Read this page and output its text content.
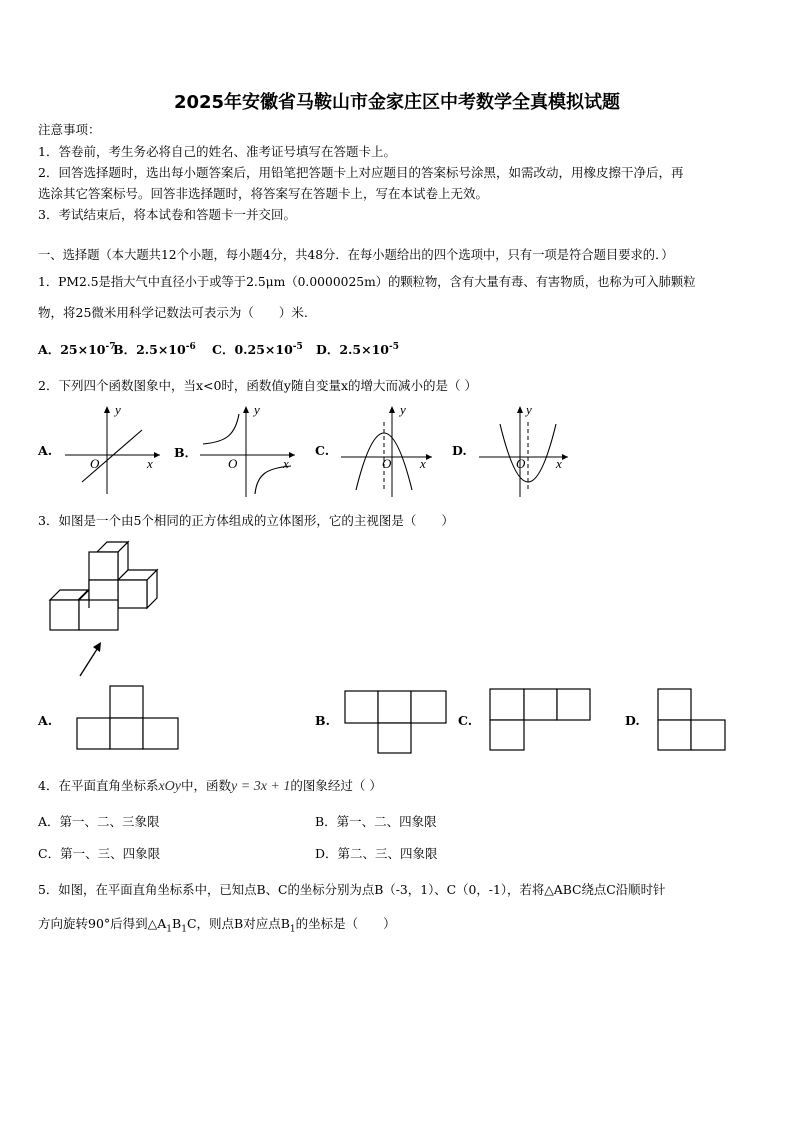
2025年安徽省马鞍山市金家庄区中考数学全真模拟试题
注意事项：
1．答卷前，考生务必将自己的姓名、准考证号填写在答题卡上。
2．回答选择题时，选出每小题答案后，用铅笔把答题卡上对应题目的答案标号涂黑，如需改动，用橡皮擦干净后，再
选涂其它答案标号。回答非选择题时，将答案写在答题卡上，写在本试卷上无效。
3．考试结束后，将本试卷和答题卡一并交回。
一、选择题（本大题共12个小题，每小题4分，共48分．在每小题给出的四个选项中，只有一项是符合题目要求的．）
1．PM2.5是指大气中直径小于或等于2.5μm（0.0000025m）的颗粒物，含有大量有毒、有害物质，也称为可入肺颗粒
物，将25微米用科学记数法可表示为（　　）米.
A．$25\times 10^{-7}$
B．$2.5\times 10^{-6}$ C．$0.25\times 10^{-5}$ D．$2.5\times 10^{-5}$
2．下列四个函数图象中，当x<0时，函数值y随自变量x的增大而减小的是（ ）
A.
x
y
O
B．
x
y
O
C.
x
y
O
D.
x
y
O
3．如图是一个由5个相同的正方体组成的立体图形，它的主视图是（　　）
A.	B.	C.	D.
4．在平面直角坐标系xOy中，函数y = 3x + 1的图象经过（ ）
A．第一、二、三象限	B．第一、二、四象限
C．第一、三、四象限	D．第二、三、四象限
5．如图，在平面直角坐标系中，已知点B、C的坐标分别为点B（-3，1）、C（0，-1），若将△ABC绕点C沿顺时针
方向旋转90°后得到$\triangle A_1B_1C$，则点B对应点$B_1$的坐标是（　　）
